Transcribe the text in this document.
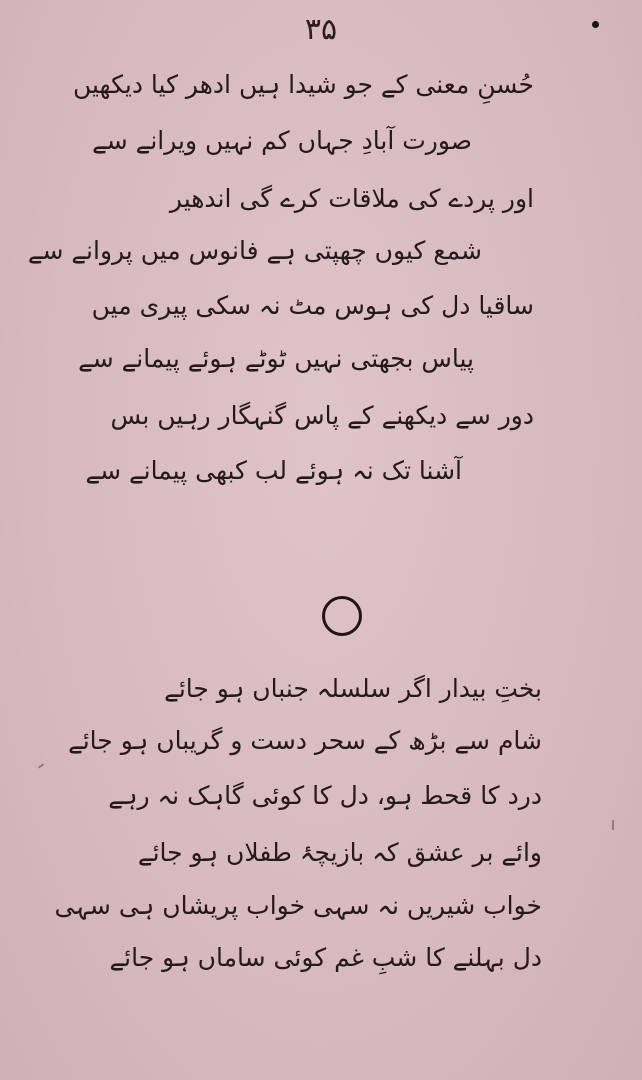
۳۵
حُسنِ معنی کے جو شیدا ہیں ادھر کیا دیکھیں
صورت آبادِ جہاں کم نہیں ویرانے سے
اور پردے کی ملاقات کرے گی اندھیر
شمع کیوں چھپتی ہے فانوس میں پروانے سے
ساقیا دل کی ہوس مٹ نہ سکی پیری میں
پیاس بجھتی نہیں ٹوٹے ہوئے پیمانے سے
دور سے دیکھنے کے پاس گنہگار رہیں بس
آشنا تک نہ ہوئے لب کبھی پیمانے سے
بختِ بیدار اگر سلسلہ جنباں ہو جائے
شام سے بڑھ کے سحر دست و گریباں ہو جائے
درد کا قحط ہو، دل کا کوئی گاہک نہ رہے
وائے بر عشق کہ بازیچۂ طفلاں ہو جائے
خواب شیریں نہ سہی خواب پریشاں ہی سہی
دل بہلنے کا شبِ غم کوئی ساماں ہو جائے
